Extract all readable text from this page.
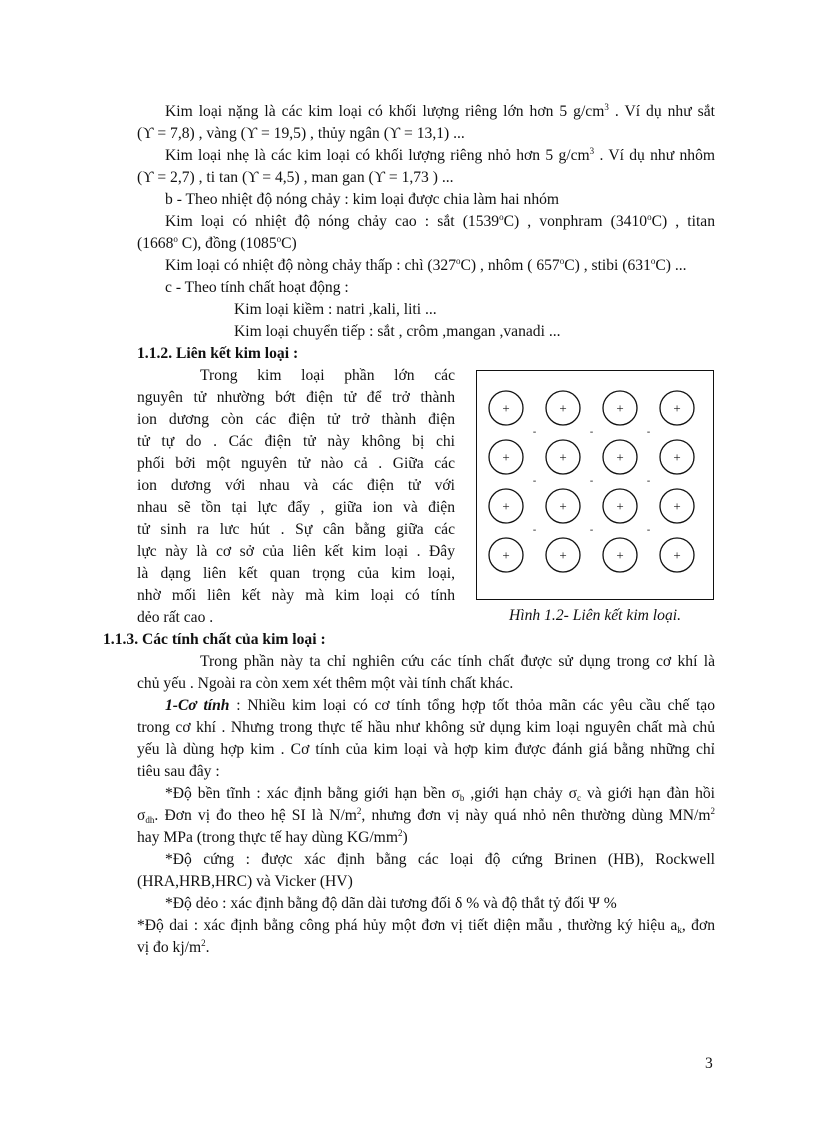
Kim loại nặng là các kim loại có khối lượng riêng lớn hơn 5 $g/cm^3$ . Ví dụ như sắt
(ϒ = 7,8) , vàng (ϒ = 19,5) , thủy ngân (ϒ = 13,1) ...
Kim loại nhẹ là các kim loại có khối lượng riêng nhỏ hơn 5 $g/cm^3$ . Ví dụ như nhôm
(ϒ = 2,7) , ti tan (ϒ = 4,5) , man gan (ϒ = 1,73 ) ...
b - Theo nhiệt độ nóng chảy : kim loại được chia làm hai nhóm
Kim loại có nhiệt độ nóng chảy cao : sắt (1539$^o$C) , vonphram (3410$^o$C) , titan
(1668$^o$ C), đồng (1085$^o$C)
Kim loại có nhiệt độ nòng chảy thấp : chì (327$^o$C) , nhôm ( 657$^o$C) , stibi (631$^o$C) ...
c - Theo tính chất hoạt động :
Kim loại kiềm : natri ,kali, liti ...
Kim loại chuyển tiếp : sắt , crôm ,mangan ,vanadi ...
1.1.2. Liên kết kim loại :
Trong kim loại phần lớn các
nguyên tử nhường bớt điện tử để trở thành
ion dương còn các điện tử trở thành điện
tử tự do . Các điện tử này không bị chi
phối bởi một nguyên tử nào cả . Giữa các
ion dương với nhau và các điện tử với
nhau sẽ tồn tại lực đẩy , giữa ion và điện
tử sinh ra lưc hút . Sự cân bằng giữa các
lực này là cơ sở của liên kết kim loại . Đây
là dạng liên kết quan trọng của kim loại,
nhờ mối liên kết này mà kim loại có tính
dẻo rất cao .
+	+	+	+
+	+	+	+
+	+	+	+
+	+	+	+
-	-	-
-	-	-
-	-	-
Hình 1.2- Liên kết kim loại.
1.1.3. Các tính chất của kim loại :
Trong phần này ta chỉ nghiên cứu các tính chất được sử dụng trong cơ khí là
chủ yếu . Ngoài ra còn xem xét thêm một vài tính chất khác.
1-Cơ tính : Nhiều kim loại có cơ tính tổng hợp tốt thỏa mãn các yêu cầu chế tạo
trong cơ khí . Nhưng trong thực tế hầu như không sử dụng kim loại nguyên chất mà chủ
yếu là dùng hợp kim . Cơ tính của kim loại và hợp kim được đánh giá bằng những chỉ
tiêu sau đây :
*Độ bền tĩnh : xác định bằng giới hạn bền $\sigma_b$ ,giới hạn chảy $\sigma_c$ và giới hạn đàn hồi
$\sigma_{dh}$. Đơn vị đo theo hệ SI là $N/m^2$, nhưng đơn vị này quá nhỏ nên thường dùng $MN/m^2$
hay MPa (trong thực tế hay dùng $KG/mm^2$)
*Độ cứng : được xác định bằng các loại độ cứng Brinen (HB), Rockwell
(HRA,HRB,HRC) và Vicker (HV)
*Độ dẻo : xác định bằng độ dãn dài tương đối δ % và độ thắt tỷ đối Ψ %
*Độ dai : xác định bằng công phá hủy một đơn vị tiết diện mẫu , thường ký hiệu $a_k$, đơn
vị đo $kj/m^2$.
3
